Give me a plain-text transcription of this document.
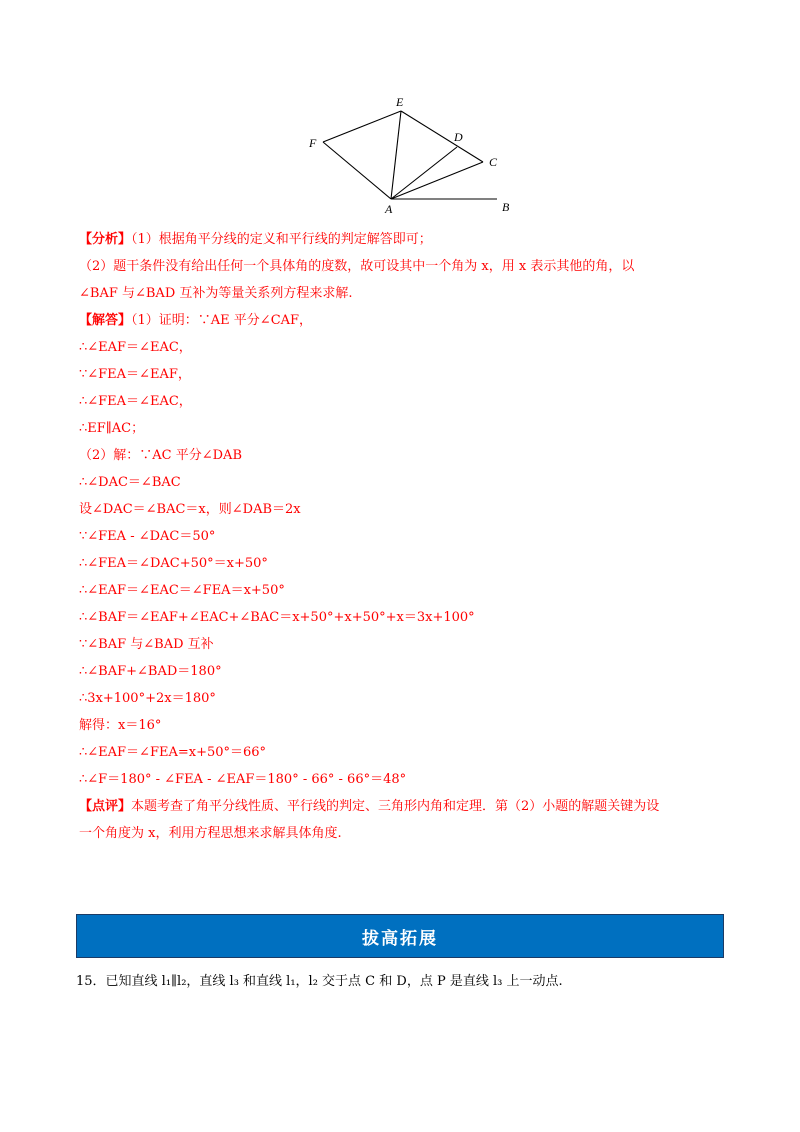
E
D
F
C
A	B
【分析】（1）根据角平分线的定义和平行线的判定解答即可；
（2）题干条件没有给出任何一个具体角的度数，故可设其中一个角为 x，用 x 表示其他的角，以
∠BAF 与∠BAD 互补为等量关系列方程来求解.
【解答】（1）证明：∵AE 平分∠CAF，
∴∠EAF＝∠EAC，
∵∠FEA＝∠EAF，
∴∠FEA＝∠EAC，
∴EF∥AC；
（2）解：∵AC 平分∠DAB
∴∠DAC＝∠BAC
设∠DAC＝∠BAC＝x，则∠DAB＝2x
∵∠FEA - ∠DAC＝50°
∴∠FEA＝∠DAC+50°＝x+50°
∴∠EAF＝∠EAC＝∠FEA＝x+50°
∴∠BAF＝∠EAF+∠EAC+∠BAC＝x+50°+x+50°+x＝3x+100°
∵∠BAF 与∠BAD 互补
∴∠BAF+∠BAD＝180°
∴3x+100°+2x＝180°
解得：x＝16°
∴∠EAF＝∠FEA=x+50°＝66°
∴∠F＝180° - ∠FEA - ∠EAF＝180° - 66° - 66°＝48°
【点评】本题考查了角平分线性质、平行线的判定、三角形内角和定理．第（2）小题的解题关键为设
一个角度为 x，利用方程思想来求解具体角度.
拔高拓展
15．已知直线 l₁∥l₂，直线 l₃ 和直线 l₁，l₂ 交于点 C 和 D，点 P 是直线 l₃ 上一动点.
